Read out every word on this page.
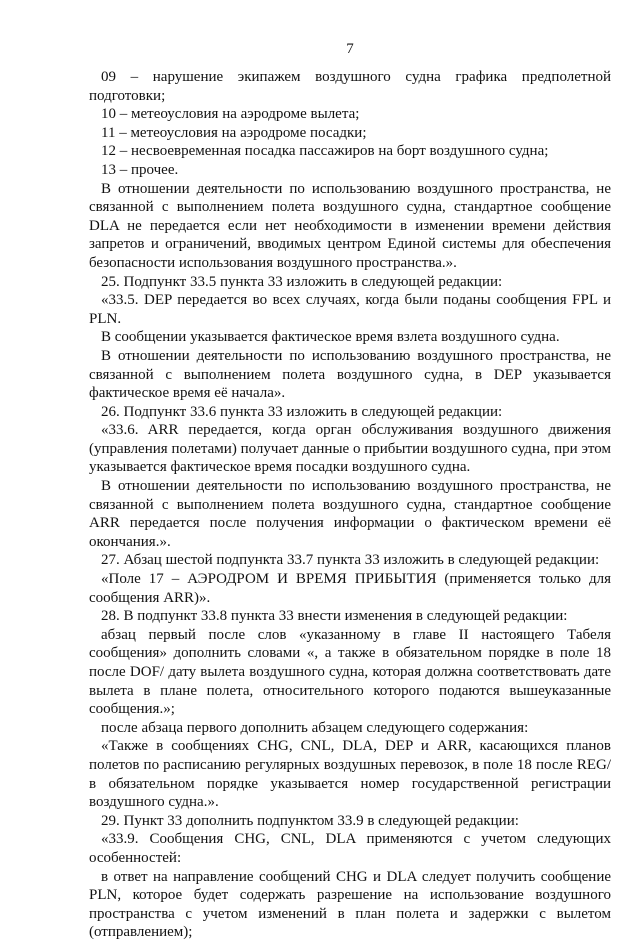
7

09 – нарушение экипажем воздушного судна графика предполетной подготовки;

10 – метеоусловия на аэродроме вылета;

11 – метеоусловия на аэродроме посадки;

12 – несвоевременная посадка пассажиров на борт воздушного судна;

13 – прочее.

В отношении деятельности по использованию воздушного пространства, не связанной с выполнением полета воздушного судна, стандартное сообщение DLA не передается если нет необходимости в изменении времени действия запретов и ограничений, вводимых центром Единой системы для обеспечения безопасности использования воздушного пространства.».

25. Подпункт 33.5 пункта 33 изложить в следующей редакции:

«33.5. DEP передается во всех случаях, когда были поданы сообщения FPL и PLN.

В сообщении указывается фактическое время взлета воздушного судна.

В отношении деятельности по использованию воздушного пространства, не связанной с выполнением полета воздушного судна, в DEP указывается фактическое время её начала».

26. Подпункт 33.6 пункта 33 изложить в следующей редакции:

«33.6. ARR передается, когда орган обслуживания воздушного движения (управления полетами) получает данные о прибытии воздушного судна, при этом указывается фактическое время посадки воздушного судна.

В отношении деятельности по использованию воздушного пространства, не связанной с выполнением полета воздушного судна, стандартное сообщение ARR передается после получения информации о фактическом времени её окончания.».

27. Абзац шестой подпункта 33.7 пункта 33 изложить в следующей редакции:

«Поле 17 – АЭРОДРОМ И ВРЕМЯ ПРИБЫТИЯ (применяется только для сообщения ARR)».

28. В подпункт 33.8 пункта 33 внести изменения в следующей редакции:

абзац первый после слов «указанному в главе II настоящего Табеля сообщения» дополнить словами «, а также в обязательном порядке в поле 18 после DOF/ дату вылета воздушного судна, которая должна соответствовать дате вылета в плане полета, относительного которого подаются вышеуказанные сообщения.»;

после абзаца первого дополнить абзацем следующего содержания:

«Также в сообщениях CHG, CNL, DLA, DEP и ARR, касающихся планов полетов по расписанию регулярных воздушных перевозок, в поле 18 после REG/ в обязательном порядке указывается номер государственной регистрации воздушного судна.».

29. Пункт 33 дополнить подпунктом 33.9 в следующей редакции:

«33.9. Сообщения CHG, CNL, DLA применяются с учетом следующих особенностей:

в ответ на направление сообщений CHG и DLA следует получить сообщение PLN, которое будет содержать разрешение на использование воздушного пространства с учетом изменений в план полета и задержки с вылетом (отправлением);
